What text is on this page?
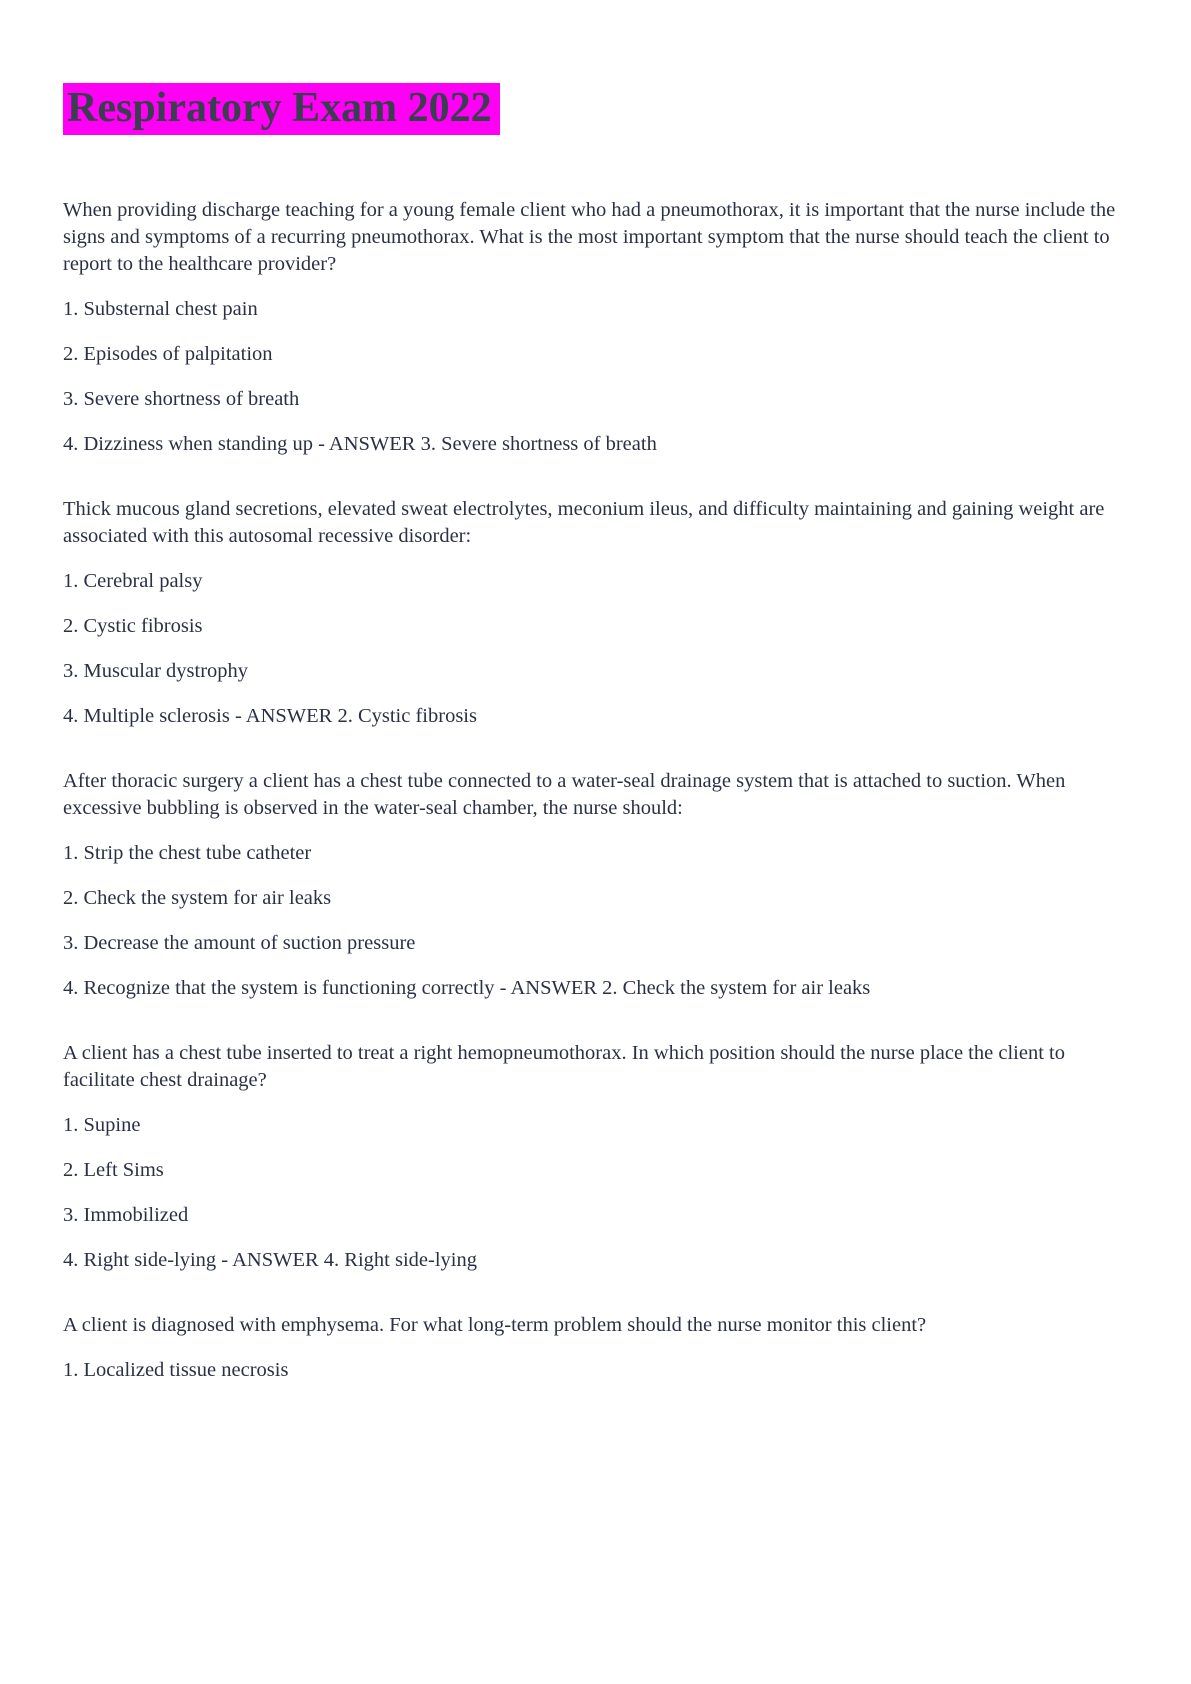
Respiratory Exam 2022

When providing discharge teaching for a young female client who had a pneumothorax, it is important that the nurse include the signs and symptoms of a recurring pneumothorax. What is the most important symptom that the nurse should teach the client to report to the healthcare provider?

1. Substernal chest pain

2. Episodes of palpitation

3. Severe shortness of breath

4. Dizziness when standing up - ANSWER 3. Severe shortness of breath

Thick mucous gland secretions, elevated sweat electrolytes, meconium ileus, and difficulty maintaining and gaining weight are associated with this autosomal recessive disorder:

1. Cerebral palsy

2. Cystic fibrosis

3. Muscular dystrophy

4. Multiple sclerosis - ANSWER 2. Cystic fibrosis

After thoracic surgery a client has a chest tube connected to a water-seal drainage system that is attached to suction. When excessive bubbling is observed in the water-seal chamber, the nurse should:

1. Strip the chest tube catheter

2. Check the system for air leaks

3. Decrease the amount of suction pressure

4. Recognize that the system is functioning correctly - ANSWER 2. Check the system for air leaks

A client has a chest tube inserted to treat a right hemopneumothorax. In which position should the nurse place the client to facilitate chest drainage?

1. Supine

2. Left Sims

3. Immobilized

4. Right side-lying - ANSWER 4. Right side-lying

A client is diagnosed with emphysema. For what long-term problem should the nurse monitor this client?

1. Localized tissue necrosis
